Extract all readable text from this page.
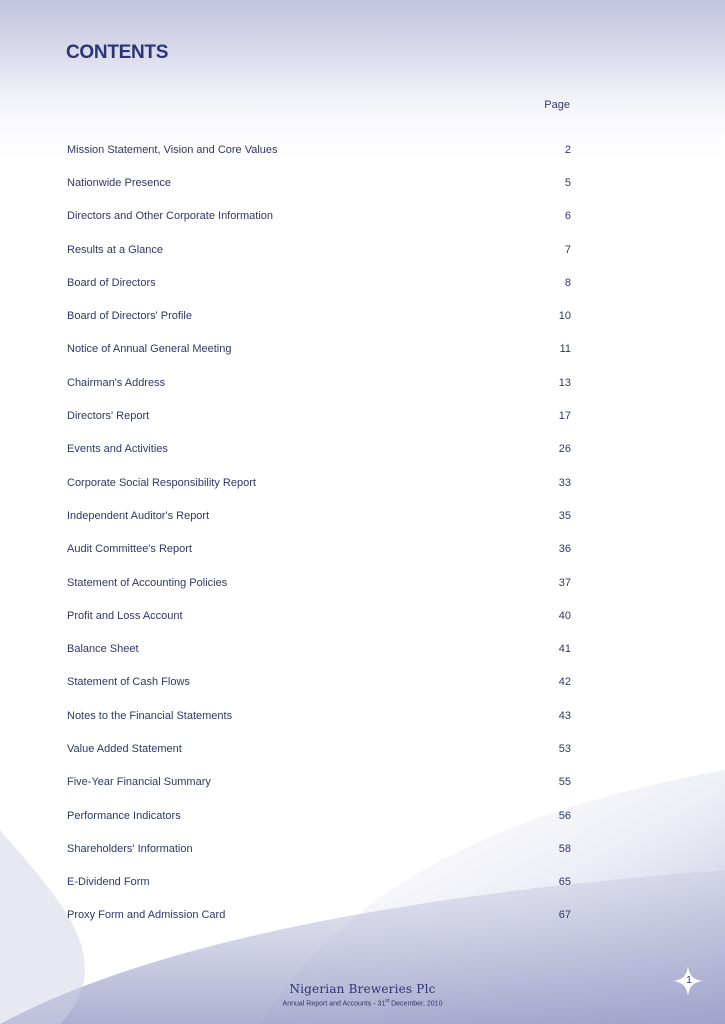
CONTENTS
Page
Mission Statement, Vision and Core Values	2
Nationwide Presence	5
Directors and Other Corporate Information	6
Results at a Glance	7
Board of Directors	8
Board of Directors' Profile	10
Notice of Annual General Meeting	11
Chairman's Address	13
Directors' Report	17
Events and Activities	26
Corporate Social Responsibility Report	33
Independent Auditor's Report	35
Audit Committee's Report	36
Statement of Accounting Policies	37
Profit and Loss Account	40
Balance Sheet	41
Statement of Cash Flows	42
Notes to the Financial Statements	43
Value Added Statement	53
Five-Year Financial Summary	55
Performance Indicators	56
Shareholders' Information	58
E-Dividend Form	65
Proxy Form and Admission Card	67
Nigerian Breweries Plc
Annual Report and Accounts - 31st December, 2010
1
